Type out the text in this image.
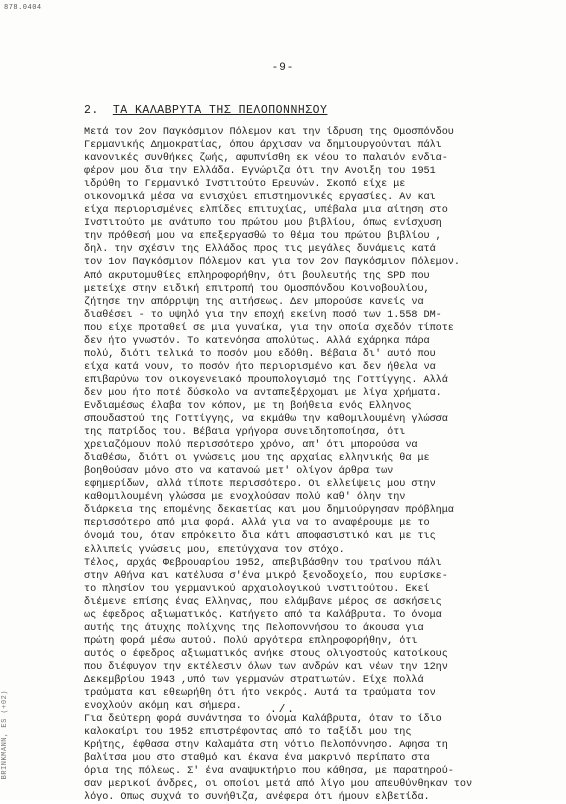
878.0404
-9-
2. ΤΑ ΚΑΛΑΒΡΥΤΑ ΤΗΣ ΠΕΛΟΠΟΝΝΗΣΟΥ
Μετά τον 2ον Παγκόσμιον Πόλεμον και την ίδρυση της Ομοσπόνδου
Γερμανικής Δημοκρατίας, όπου άρχισαν να δημιουργούνται πάλι
κανονικές συνθήκες ζωής, αφυπνίσθη εκ νέου το παλαιόν ενδια-
φέρον μου δια την Ελλάδα. Εγνώριζα ότι την Ανοιξη του 1951
ιδρύθη το Γερμανικό Ινστιτούτο Ερευνών. Σκοπό είχε με
οικονομικά μέσα να ενισχύει επιστημονικές εργασίες. Αν και
είχα περιορισμένες ελπίδες επιτυχίας, υπέβαλα μια αίτηση στο
Ινστιτούτο με ανάτυπο του πρώτου μου βιβλίου, όπως ενίσχυση
την πρόθεσή μου να επεξεργασθώ το θέμα του πρώτου βιβλίου ,
δηλ. την σχέσιν της Ελλάδος προς τις μεγάλες δυνάμεις κατά
τον 1ον Παγκόσμιον Πόλεμον και για τον 2ον Παγκόσμιον Πόλεμον.
Από ακρυτομυθίες επληροφορήθην, ότι βουλευτής της SPD που
μετείχε στην ειδική επιτροπή του Ομοσπόνδου Κοινοβουλίου,
ζήτησε την απόρριψη της αιτήσεως. Δεν μπορούσε κανείς να
διαθέσει - το υψηλό για την εποχή εκείνη ποσό των 1.558 DM-
που είχε προταθεί σε μια γυναίκα, για την οποία σχεδόν τίποτε
δεν ήτο γνωστόν. Το κατενόησα απολύτως. Αλλά εχάρηκα πάρα
πολύ, διότι τελικά το ποσόν μου εδόθη. Βέβαια δι' αυτό που
είχα κατά νουν, το ποσόν ήτο περιορισμένο και δεν ήθελα να
επιβαρύνω τον οικογενειακό προυπολογισμό της Γοττίγγης. Αλλά
δεν μου ήτο ποτέ δύσκολο να ανταπεξέρχομαι με λίγα χρήματα.
Ενδιαμέσως έλαβα τον κόπον, με τη βοήθεια ενός Ελληνος
σπουδαστού της Γοττίγγης, να εκμάθω την καθομιλουμένη γλώσσα
της πατρίδος του. Βέβαια γρήγορα συνειδητοποίησα, ότι
χρειαζόμουν πολύ περισσότερο χρόνο, απ' ότι μπορούσα να
διαθέσω, διότι οι γνώσεις μου της αρχαίας ελληνικής θα με
βοηθούσαν μόνο στο να κατανοώ μετ' ολίγον άρθρα των
εφημερίδων, αλλά τίποτε περισσότερο. Οι ελλείψεις μου στην
καθομιλουμένη γλώσσα με ενοχλούσαν πολύ καθ' όλην την
διάρκεια της επομένης δεκαετίας και μου δημιούργησαν πρόβλημα
περισσότερο από μια φορά. Αλλά για να το αναφέρουμε με το
όνομά του, όταν επρόκειτο δια κάτι αποφασιστικό και με τις
ελλιπείς γνώσεις μου, επετύγχανα τον στόχο.
Τέλος, αρχάς Φεβρουαρίου 1952, απεβιβάσθην του τραίνου πάλι
στην Αθήνα και κατέλυσα σ'ένα μικρό ξενοδοχείο, που ευρίσκε-
το πλησίον του γερμανικού αρχαιολογικού ινστιτούτου. Εκεί
διέμενε επίσης ένας Ελληνας, που ελάμβανε μέρος σε ασκήσεις
ως έφεδρος αξιωματικός. Κατήγετο από τα Καλάβρυτα. Το όνομα
αυτής της άτυχης πολίχνης της Πελοποννήσου το άκουσα για
πρώτη φορά μέσω αυτού. Πολύ αργότερα επληροφορήθην, ότι
αυτός ο έφεδρος αξιωματικός ανήκε στους ολιγοστούς κατοίκους
που διέφυγον την εκτέλεσιν όλων των ανδρών και νέων την 12ην
Δεκεμβρίου 1943 ,υπό των γερμανών στρατιωτών. Είχε πολλά
τραύματα και εθεωρήθη ότι ήτο νεκρός. Αυτά τα τραύματα τον
ενοχλούν ακόμη και σήμερα.
Για δεύτερη φορά συνάντησα το όνομα Καλάβρυτα, όταν το ίδιο
καλοκαίρι του 1952 επιστρέφοντας από το ταξίδι μου της
Κρήτης, έφθασα στην Καλαμάτα στη νότιο Πελοπόννησο. Αφησα τη
βαλίτσα μου στο σταθμό και έκανα ένα μακρινό περίπατο στα
όρια της πόλεως. Σ' ένα αναψυκτήριο που κάθησα, με παρατηρού-
σαν μερικοί άνδρες, οι οποίοι μετά από λίγο μου απευθύνθηκαν τον
λόγο. Οπως συχνά το συνήθιζα, ανέφερα ότι ήμουν ελβετίδα.
./.
BRINKMANN, ES (+02)
